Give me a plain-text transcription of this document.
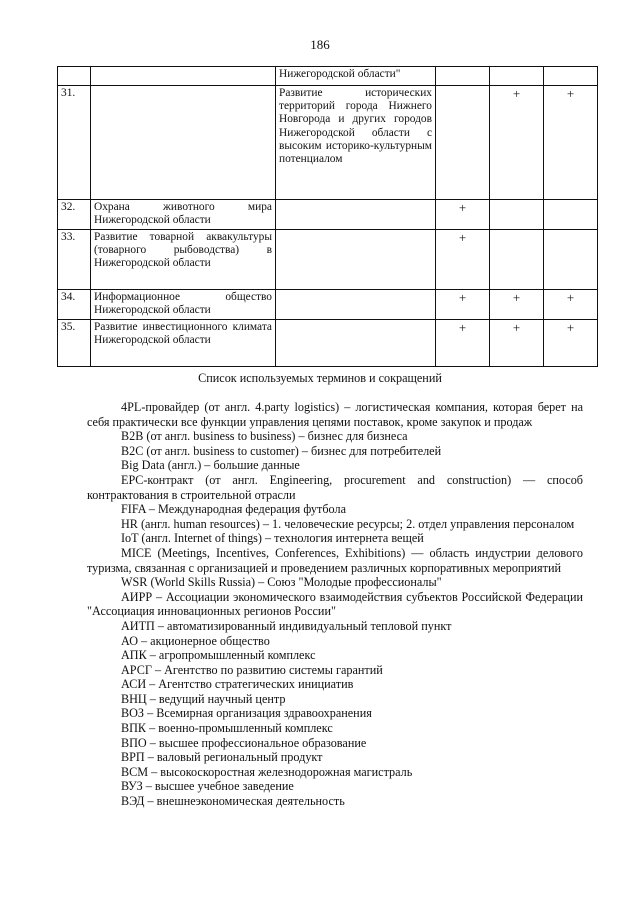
186
		Нижегородской области"			
31.		Развитие исторических территорий города Нижнего Новгорода и других городов Нижегородской области с высоким историко-культурным потенциалом		+	+
32.	Охрана животного мира Нижегородской области		+		
33.	Развитие товарной аквакультуры (товарного рыбоводства) в Нижегородской области		+		
34.	Информационное общество Нижегородской области		+	+	+
35.	Развитие инвестиционного климата Нижегородской области		+	+	+
Список используемых терминов и сокращений

4PL-провайдер (от англ. 4.party logistics) – логистическая компания, которая берет на себя практически все функции управления цепями поставок, кроме закупок и продаж

B2B (от англ. business to business) – бизнес для бизнеса

B2C (от англ. business to customer) – бизнес для потребителей

Big Data (англ.) – большие данные

EPC-контракт (от англ. Engineering, procurement and construction) — способ контрактования в строительной отрасли

FIFA – Международная федерация футбола

HR (англ. human resources) – 1. человеческие ресурсы; 2. отдел управления персоналом

IoT (англ. Internet of things) – технология интернета вещей

MICE (Meetings, Incentives, Conferences, Exhibitions) — область индустрии делового туризма, связанная с организацией и проведением различных корпоративных мероприятий

WSR (World Skills Russia) – Союз "Молодые профессионалы"

АИРР – Ассоциации экономического взаимодействия субъектов Российской Федерации "Ассоциация инновационных регионов России"

АИТП – автоматизированный индивидуальный тепловой пункт

АО – акционерное общество

АПК – агропромышленный комплекс

АРСГ – Агентство по развитию системы гарантий

АСИ – Агентство стратегических инициатив

ВНЦ – ведущий научный центр

ВОЗ – Всемирная организация здравоохранения

ВПК – военно-промышленный комплекс

ВПО – высшее профессиональное образование

ВРП – валовый региональный продукт

ВСМ – высокоскоростная железнодорожная магистраль

ВУЗ – высшее учебное заведение

ВЭД – внешнеэкономическая деятельность
